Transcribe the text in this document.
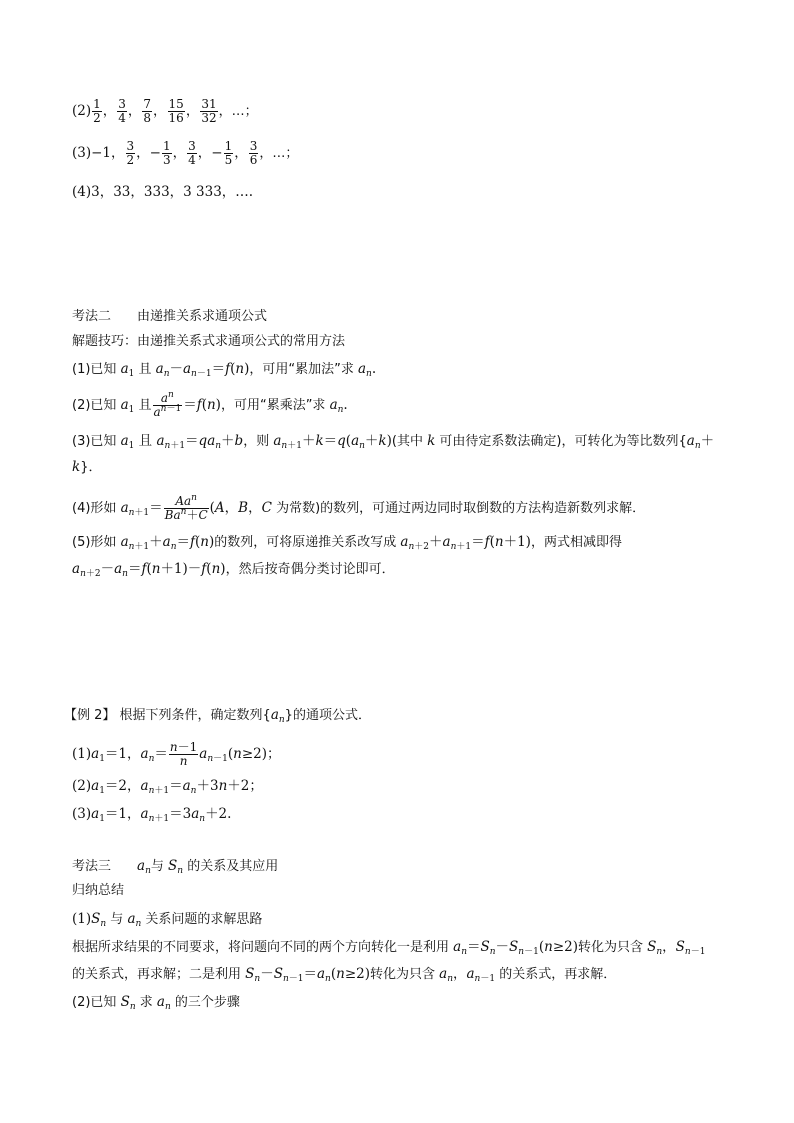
$(2) \frac{1}{2}$ ， $\frac{3}{4}$ ， $\frac{7}{8}$ ， $\frac{15}{16}$ ， $\frac{31}{32}$ ，…；
(3)−1， $\frac{3}{2}$ ，− $\frac{1}{3}$ ， $\frac{3}{4}$ ，− $\frac{1}{5}$ ， $\frac{3}{6}$ ，…；
(4)3，33，333，3 333，….
考法二 由递推关系求通项公式
解题技巧：由递推关系式求通项公式的常用方法
(1)已知 $a_1$ 且 $a_n-a_{n-1}=f(n)$，可用“累加法”求 $a_n$.
(2)已知 $a_1$ 且 $\frac{a^n}{a^{n-1}} =f(n)$，可用“累乘法”求 $a_n$.
(3)已知 $a_1$ 且 $a_{n+1}=qa_n+b$，则 $a_{n+1}+k=q(a_n+k)$(其中 k 可由待定系数法确定)，可转化为等比数列{$a_n+$
k}．
(4)形如 $a_{n+1}=$	$Aa^n$
$Ba^n+C$ (A，B，C 为常数)的数列，可通过两边同时取倒数的方法构造新数列求解．
(5)形如 $a_{n+1}+a_n=f(n)$的数列，可将原递推关系改写成 $a_{n+2}+a_{n+1}=f(n+1)$，两式相减即得
$a_{n+2}-a_n=f(n+1)-f(n)$，然后按奇偶分类讨论即可．
【例 2】 根据下列条件，确定数列$\{a_n\}$的通项公式．
$(1)a_1=1$，$a_n= \frac{n-1}{n} a_{n-1}(n\ge 2)$；
$(2)a_1=2$，$a_{n+1}=a_n+3n+2$；
$(3)a_1=1$，$a_{n+1}=3a_n+2$.
考法三 $a_n$与 $S_n$ 的关系及其应用
归纳总结
$(1)S_n$ 与 $a_n$ 关系问题的求解思路
根据所求结果的不同要求，将问题向不同的两个方向转化一是利用 $a_n=S_n-S_{n-1}(n\ge 2)$转化为只含 $S_n$，$S_{n-1}$
的关系式，再求解；二是利用 $S_n-S_{n-1}=a_n(n\ge 2)$转化为只含 $a_n$，$a_{n-1}$ 的关系式，再求解．
(2)已知 $S_n$ 求 $a_n$ 的三个步骤
